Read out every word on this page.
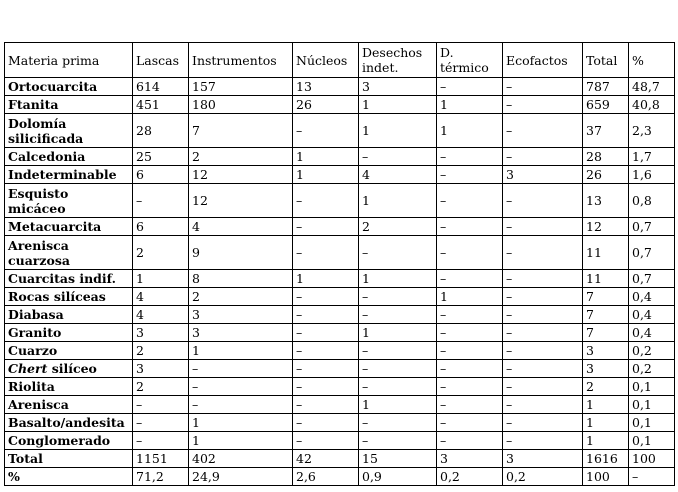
Materia prima	Lascas	Instrumentos	Núcleos	Desechos indet.	D. térmico	Ecofactos	Total	%
Ortocuarcita	614	157	13	3	–	–	787	48,7
Ftanita	451	180	26	1	1	–	659	40,8
Dolomía silicificada	28	7	–	1	1	–	37	2,3
Calcedonia	25	2	1	–	–	–	28	1,7
Indeterminable	6	12	1	4	–	3	26	1,6
Esquisto micáceo	–	12	–	1	–	–	13	0,8
Metacuarcita	6	4	–	2	–	–	12	0,7
Arenisca cuarzosa	2	9	–	–	–	–	11	0,7
Cuarcitas indif.	1	8	1	1	–	–	11	0,7
Rocas silíceas	4	2	–	–	1	–	7	0,4
Diabasa	4	3	–	–	–	–	7	0,4
Granito	3	3	–	1	–	–	7	0,4
Cuarzo	2	1	–	–	–	–	3	0,2
Chert silíceo	3	–	–	–	–	–	3	0,2
Riolita	2	–	–	–	–	–	2	0,1
Arenisca	–	–	–	1	–	–	1	0,1
Basalto/andesita	–	1	–	–	–	–	1	0,1
Conglomerado	–	1	–	–	–	–	1	0,1
Total	1151	402	42	15	3	3	1616	100
%	71,2	24,9	2,6	0,9	0,2	0,2	100	–
